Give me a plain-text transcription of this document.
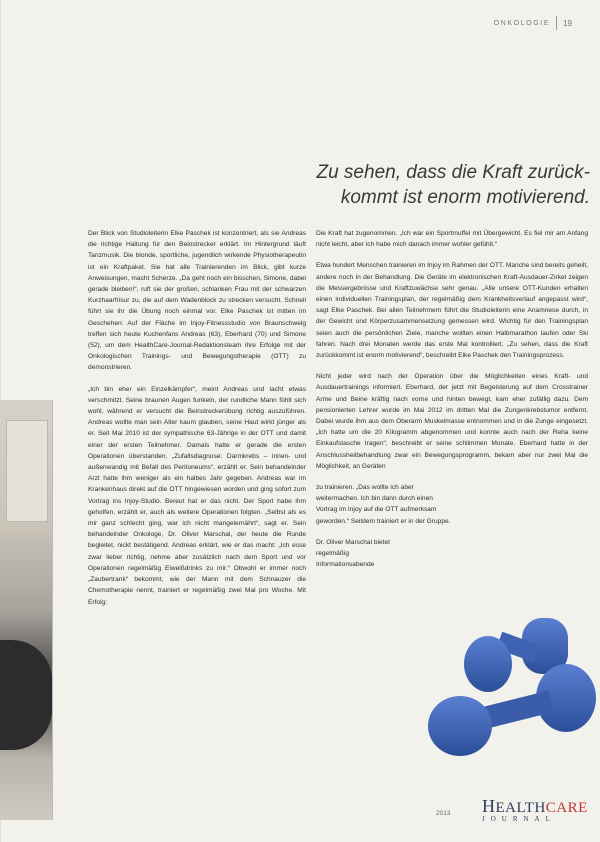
ONKOLOGIE 19
Zu sehen, dass die Kraft zurück-
kommt ist enorm motivierend.

Der Blick von Studioleiterin Elke Paschek ist konzentriert, als sie Andreas die richtige Haltung für den Beinstrecker erklärt. Im Hintergrund läuft Tanzmusik. Die blonde, sportliche, jugendlich wirkende Physiotherapeutin ist ein Kraftpaket. Sie hat alle Trainierenden im Blick, gibt kurze Anweisungen, macht Scherze. „Da geht noch ein bisschen, Simone, dabei gerade bleiben!“, ruft sie der großen, schlanken Frau mit der schwarzen Kurzhaarfrisur zu, die auf dem Wadenblock zu strecken versucht. Schnell führt sie ihr die Übung noch einmal vor. Elke Paschek ist mitten im Geschehen: Auf der Fläche im Injoy-Fitnessstudio von Braunschweig treffen sich heute Kuchenfans Andreas (63), Eberhard (70) und Simone (52), um dem HealthCare-Journal-Redaktionsteam ihre Erfolge mit der Onkologischen Trainings- und Bewegungstherapie (OTT) zu demonstrieren.

„Ich bin eher ein Einzelkämpfer“, meint Andreas und lacht etwas verschmitzt. Seine braunen Augen funkeln, der rundliche Mann fühlt sich wohl, während er versucht die Beinstreckerübung richtig auszuführen. Andreas wollte man sein Alter kaum glauben, seine Haut wirkt jünger als er. Seit Mai 2010 ist der sympathische 63-Jährige in der OTT und damit einer der ersten Teilnehmer. Damals hatte er gerade die ersten Operationen überstanden. „Zufallsdiagnose: Darmkrebs – innen- und außenwandig mit Befall des Peritoneums“, erzählt er. Sein behandelnder Arzt hatte ihm weniger als ein halbes Jahr gegeben. Andreas war im Krankenhaus direkt auf die OTT hingewiesen worden und ging sofort zum Vortrag ins Injoy-Studio. Bereut hat er das nicht. Der Sport habe ihm geholfen, erzählt er, auch als weitere Operationen folgten. „Selbst als es mir ganz schlecht ging, war ich nicht mangelernährt“, sagt er. Sein behandelnder Onkologe, Dr. Oliver Marschal, der heute die Runde begleitet, nickt bestätigend. Andreas erklärt, wie er das macht: „Ich esse zwar lieber richtig, nehme aber zusätzlich nach dem Sport und vor Operationen regelmäßig Eiweißdrinks zu mir.“ Obwohl er immer noch „Zaubertrank“ bekommt, wie der Mann mit dem Schnauzer die Chemotherapie nennt, trainiert er regelmäßig zwei Mal pro Woche. Mit Erfolg:

Die Kraft hat zugenommen. „Ich war ein Sportmuffel mit Übergewicht. Es fiel mir am Anfang nicht leicht, aber ich habe mich danach immer wohler gefühlt.“

Etwa hundert Menschen trainieren im Injoy im Rahmen der OTT. Manche sind bereits geheilt, andere noch in der Behandlung. Die Geräte im elektronischen Kraft-Ausdauer-Zirkel zeigen die Messergebnisse und Kraftzuwächse sehr genau. „Alle unsere OTT-Kunden erhalten einen individuellen Trainingsplan, der regelmäßig dem Krankheitsverlauf angepasst wird“, sagt Elke Paschek. Bei allen Teilnehmern führt die Studioleiterin eine Anamnese durch, in der Gewicht und Körperzusammensetzung gemessen wird. Wichtig für den Trainingsplan seien auch die persönlichen Ziele, manche wollten einen Halbmarathon laufen oder Ski fahren. Nach drei Monaten werde das erste Mal kontrolliert. „Zu sehen, dass die Kraft zurückkommt ist enorm motivierend“, beschreibt Elke Paschek den Trainingsprozess.

Nicht jeder wird nach der Operation über die Möglichkeiten eines Kraft- und Ausdauertrainings informiert. Eberhard, der jetzt mit Begeisterung auf dem Crosstrainer Arme und Beine kräftig nach vorne und hinten bewegt, kam eher zufällig dazu. Dem pensionierten Lehrer wurde im Mai 2012 im dritten Mal die Zungenkrebstumor entfernt. Dabei wurde ihm aus dem Oberarm Muskelmasse entnommen und in die Zunge eingesetzt. „Ich hatte um die 20 Kilogramm abgenommen und konnte auch nach der Reha keine Einkaufstasche tragen“, beschreibt er seine schlimmen Monate. Eberhard hatte in der Anschlussheilbehandlung zwar ein Bewegungsprogramm, bekam aber nur zwei Mal die Möglichkeit, an Geräten

zu trainieren. „Das wollte ich aber weitermachen. Ich bin dann durch einen Vortrag im Injoy auf die OTT aufmerksam geworden.“ Seitdem trainiert er in der Gruppe.

Dr. Oliver Marschal bietet regelmäßig Informationsabende

2013 HEALTHCARE
JOURNAL
